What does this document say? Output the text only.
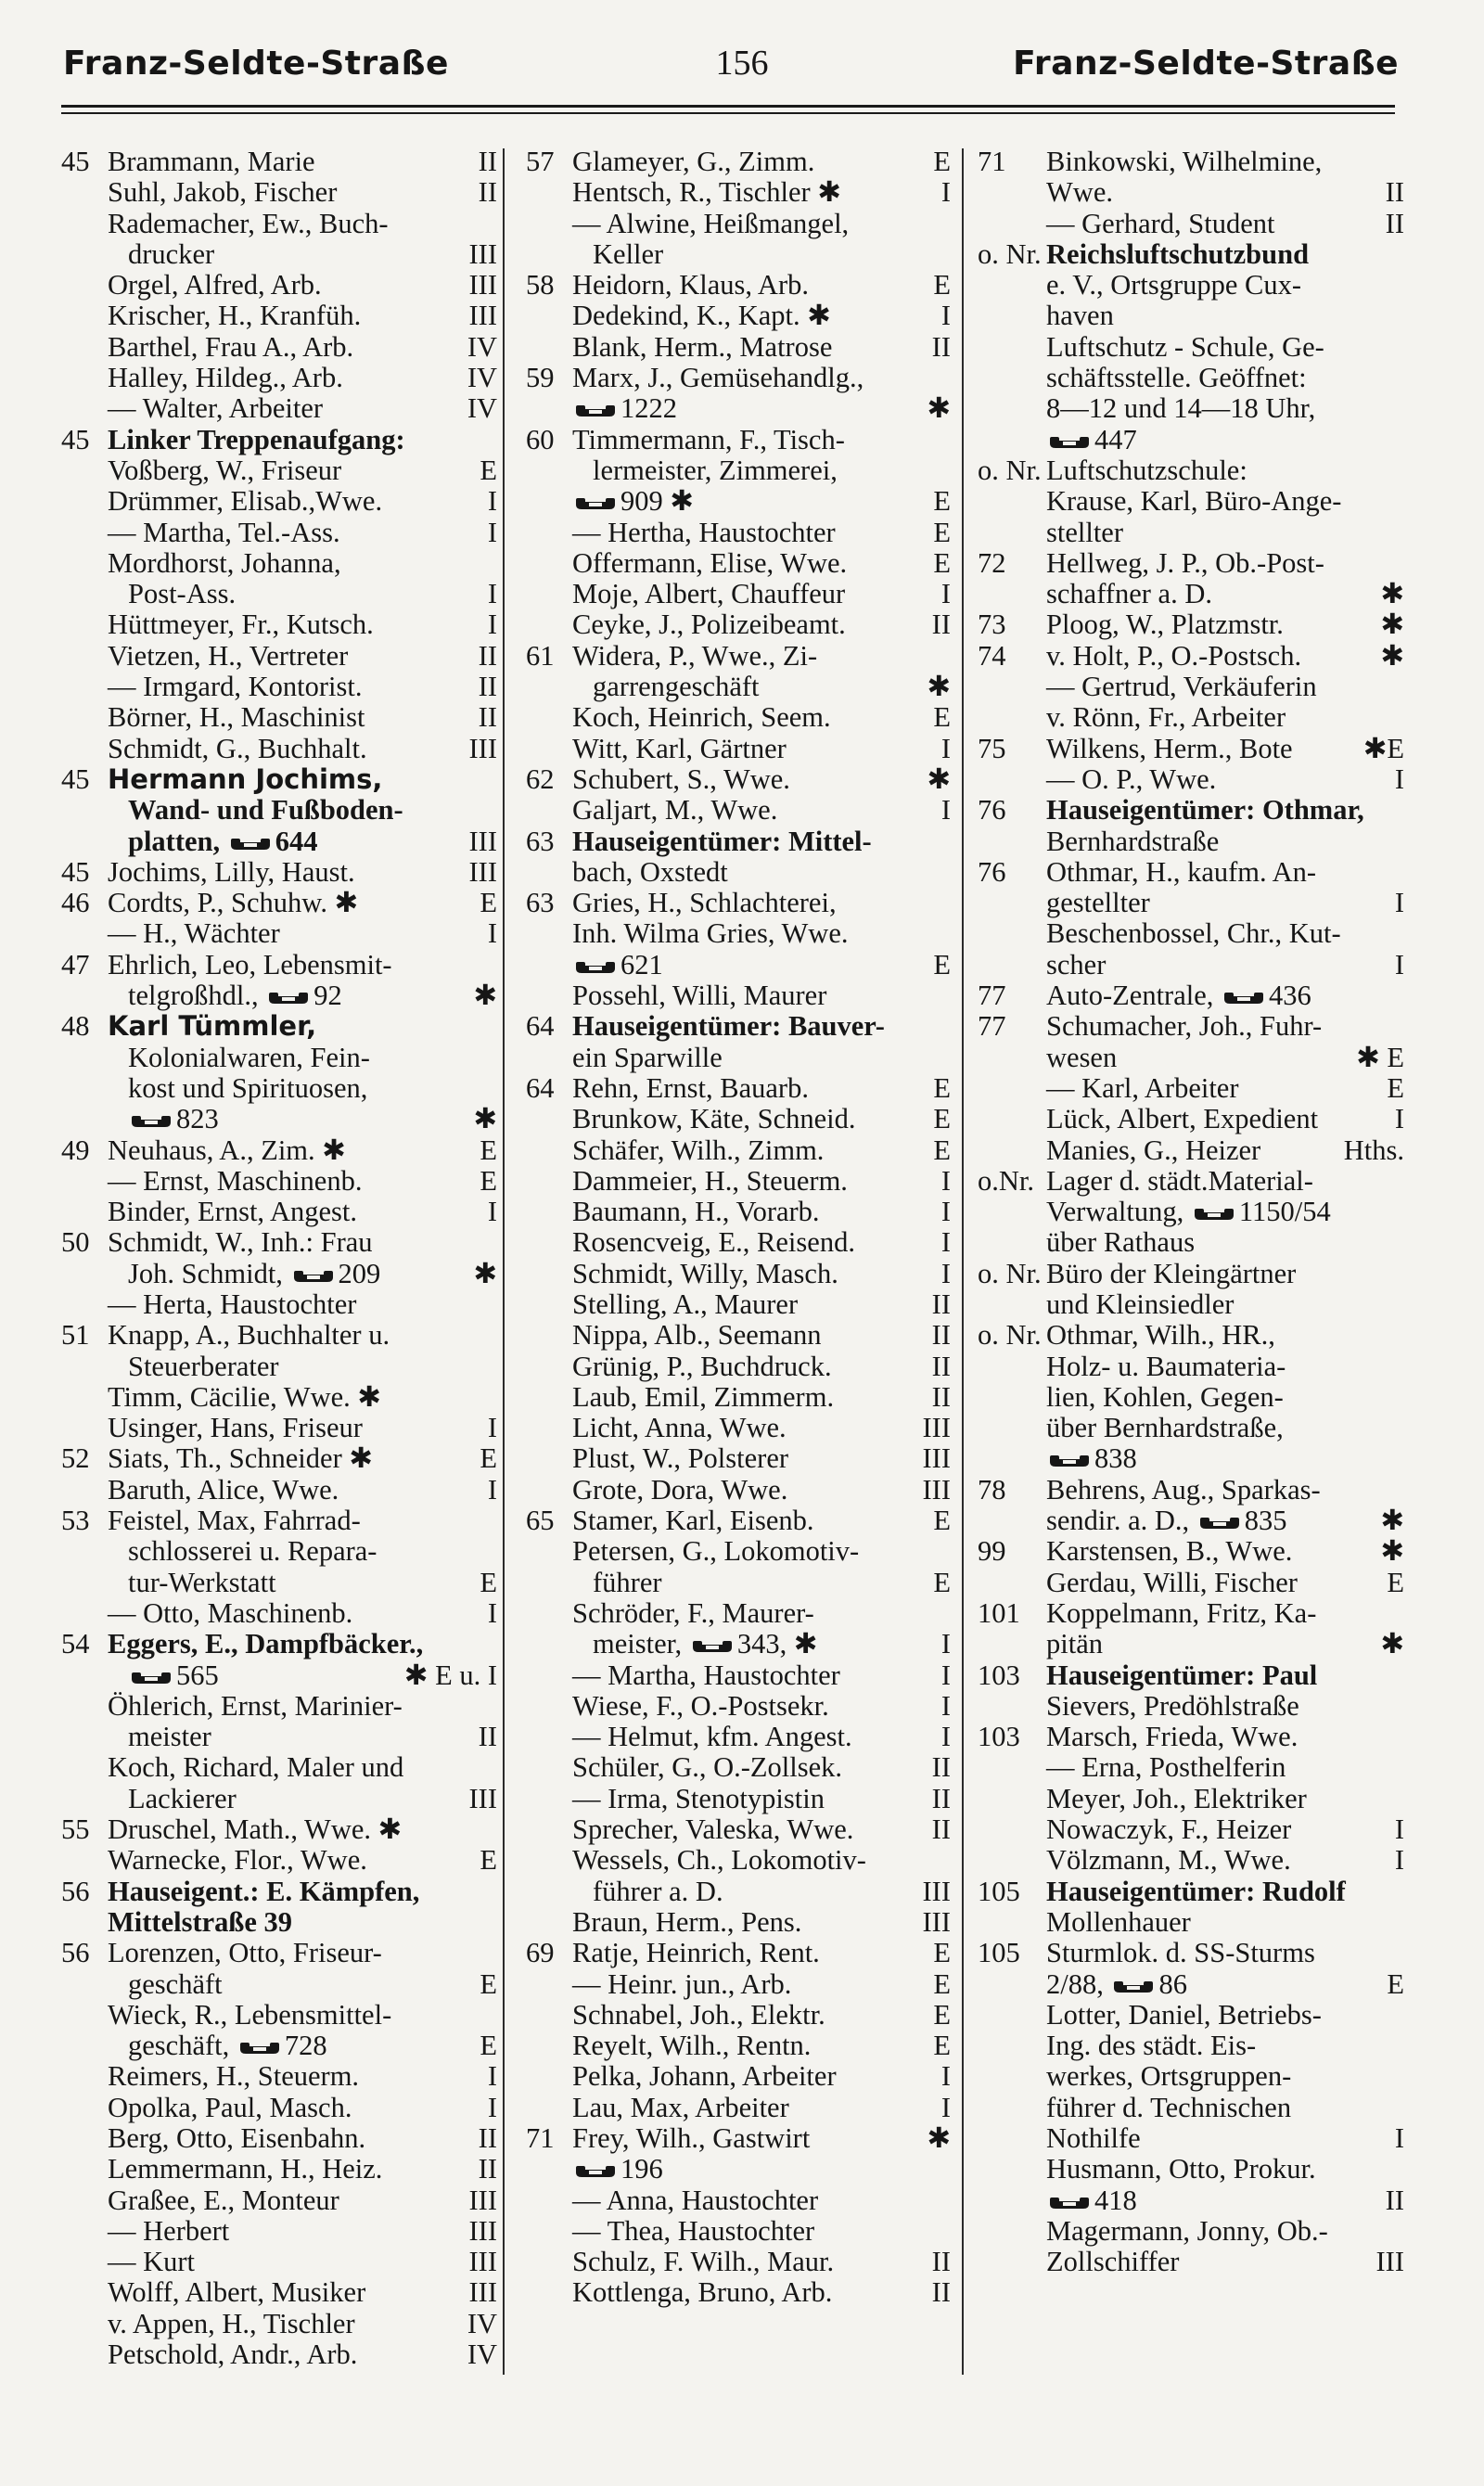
Franz-Seldte-Straße	156	Franz-Seldte-Straße
45 Brammann, Marie	II
Suhl, Jakob, Fischer	II
Rademacher, Ew., Buch-
drucker	III
Orgel, Alfred, Arb.	III
Krischer, H., Kranfüh.	III
Barthel, Frau A., Arb.	IV
Halley, Hildeg., Arb.	IV
— Walter, Arbeiter	IV
45 Linker Treppenaufgang:
Voßberg, W., Friseur	E
Drümmer, Elisab.,Wwe.	I
— Martha, Tel.-Ass.	I
Mordhorst, Johanna,
Post-Ass.	I
Hüttmeyer, Fr., Kutsch.	I
Vietzen, H., Vertreter	II
— Irmgard, Kontorist.	II
Börner, H., Maschinist	II
Schmidt, G., Buchhalt.	III
45 Hermann Jochims,
Wand- und Fußboden-
platten, 644	III
45 Jochims, Lilly, Haust.	III
46 Cordts, P., Schuhw. ✱	E
— H., Wächter	I
47 Ehrlich, Leo, Lebensmit-
telgroßhdl., 92	✱
48 Karl Tümmler,
Kolonialwaren, Fein-
kost und Spirituosen,
823	✱
49 Neuhaus, A., Zim. ✱	E
— Ernst, Maschinenb.	E
Binder, Ernst, Angest.	I
50 Schmidt, W., Inh.: Frau
Joh. Schmidt, 209	✱
— Herta, Haustochter
51 Knapp, A., Buchhalter u.
Steuerberater
Timm, Cäcilie, Wwe. ✱
Usinger, Hans, Friseur	I
52 Siats, Th., Schneider ✱	E
Baruth, Alice, Wwe.	I
53 Feistel, Max, Fahrrad-
schlosserei u. Repara-
tur-Werkstatt	E
— Otto, Maschinenb.	I
54 Eggers, E., Dampfbäcker.,
565	✱ E u. I
Öhlerich, Ernst, Marinier-
meister	II
Koch, Richard, Maler und
Lackierer	III
55 Druschel, Math., Wwe. ✱
Warnecke, Flor., Wwe.	E
56 Hauseigent.: E. Kämpfen,
Mittelstraße 39
56 Lorenzen, Otto, Friseur-
geschäft	E
Wieck, R., Lebensmittel-
geschäft, 728	E
Reimers, H., Steuerm.	I
Opolka, Paul, Masch.	I
Berg, Otto, Eisenbahn.	II
Lemmermann, H., Heiz.	II
Graßee, E., Monteur	III
— Herbert	III
— Kurt	III
Wolff, Albert, Musiker	III
v. Appen, H., Tischler	IV
Petschold, Andr., Arb.	IV
57 Glameyer, G., Zimm.	E
Hentsch, R., Tischler ✱	I
— Alwine, Heißmangel,
Keller
58 Heidorn, Klaus, Arb.	E
Dedekind, K., Kapt. ✱	I
Blank, Herm., Matrose	II
59 Marx, J., Gemüsehandlg.,
1222	✱
60 Timmermann, F., Tisch-
lermeister, Zimmerei,
909 ✱	E
— Hertha, Haustochter	E
Offermann, Elise, Wwe.	E
Moje, Albert, Chauffeur	I
Ceyke, J., Polizeibeamt.	II
61 Widera, P., Wwe., Zi-
garrengeschäft	✱
Koch, Heinrich, Seem.	E
Witt, Karl, Gärtner	I
62 Schubert, S., Wwe.	✱
Galjart, M., Wwe.	I
63 Hauseigentümer: Mittel-
bach, Oxstedt
63 Gries, H., Schlachterei,
Inh. Wilma Gries, Wwe.
621	E
Possehl, Willi, Maurer
64 Hauseigentümer: Bauver-
ein Sparwille
64 Rehn, Ernst, Bauarb.	E
Brunkow, Käte, Schneid.	E
Schäfer, Wilh., Zimm.	E
Dammeier, H., Steuerm.	I
Baumann, H., Vorarb.	I
Rosencveig, E., Reisend.	I
Schmidt, Willy, Masch.	I
Stelling, A., Maurer	II
Nippa, Alb., Seemann	II
Grünig, P., Buchdruck.	II
Laub, Emil, Zimmerm.	II
Licht, Anna, Wwe.	III
Plust, W., Polsterer	III
Grote, Dora, Wwe.	III
65 Stamer, Karl, Eisenb.	E
Petersen, G., Lokomotiv-
führer	E
Schröder, F., Maurer-
meister, 343, ✱	I
— Martha, Haustochter	I
Wiese, F., O.-Postsekr.	I
— Helmut, kfm. Angest.	I
Schüler, G., O.-Zollsek.	II
— Irma, Stenotypistin	II
Sprecher, Valeska, Wwe.	II
Wessels, Ch., Lokomotiv-
führer a. D.	III
Braun, Herm., Pens.	III
69 Ratje, Heinrich, Rent.	E
— Heinr. jun., Arb.	E
Schnabel, Joh., Elektr.	E
Reyelt, Wilh., Rentn.	E
Pelka, Johann, Arbeiter	I
Lau, Max, Arbeiter	I
71 Frey, Wilh., Gastwirt	✱
196
— Anna, Haustochter
— Thea, Haustochter
Schulz, F. Wilh., Maur.	II
Kottlenga, Bruno, Arb.	II
71	Binkowski, Wilhelmine,
Wwe.	II
— Gerhard, Student	II
o. Nr. Reichsluftschutzbund
e. V., Ortsgruppe Cux-
haven
Luftschutz - Schule, Ge-
schäftsstelle. Geöffnet:
8—12 und 14—18 Uhr,
447
o. Nr. Luftschutzschule:
Krause, Karl, Büro-Ange-
stellter
72	Hellweg, J. P., Ob.-Post-
schaffner a. D.	✱
73	Ploog, W., Platzmstr.	✱
74	v. Holt, P., O.-Postsch.	✱
— Gertrud, Verkäuferin
v. Rönn, Fr., Arbeiter
75	Wilkens, Herm., Bote ✱E
— O. P., Wwe.	I
76	Hauseigentümer: Othmar,
Bernhardstraße
76	Othmar, H., kaufm. An-
gestellter	I
Beschenbossel, Chr., Kut-
scher	I
77	Auto-Zentrale, 436
77	Schumacher, Joh., Fuhr-
wesen	✱ E
— Karl, Arbeiter	E
Lück, Albert, Expedient	I
Manies, G., Heizer	Hths.
o.Nr. Lager d. städt.Material-
Verwaltung, 1150/54
über Rathaus
o. Nr. Büro der Kleingärtner
und Kleinsiedler
o. Nr. Othmar, Wilh., HR.,
Holz- u. Baumateria-
lien, Kohlen, Gegen-
über Bernhardstraße,
838
78	Behrens, Aug., Sparkas-
sendir. a. D., 835	✱
99	Karstensen, B., Wwe.	✱
Gerdau, Willi, Fischer	E
101 Koppelmann, Fritz, Ka-
pitän	✱
103 Hauseigentümer: Paul
Sievers, Predöhlstraße
103 Marsch, Frieda, Wwe.
— Erna, Posthelferin
Meyer, Joh., Elektriker
Nowaczyk, F., Heizer	I
Völzmann, M., Wwe.	I
105 Hauseigentümer: Rudolf
Mollenhauer
105 Sturmlok. d. SS-Sturms
2/88, 86	E
Lotter, Daniel, Betriebs-
Ing. des städt. Eis-
werkes, Ortsgruppen-
führer d. Technischen
Nothilfe	I
Husmann, Otto, Prokur.
418	II
Magermann, Jonny, Ob.-
Zollschiffer	III
